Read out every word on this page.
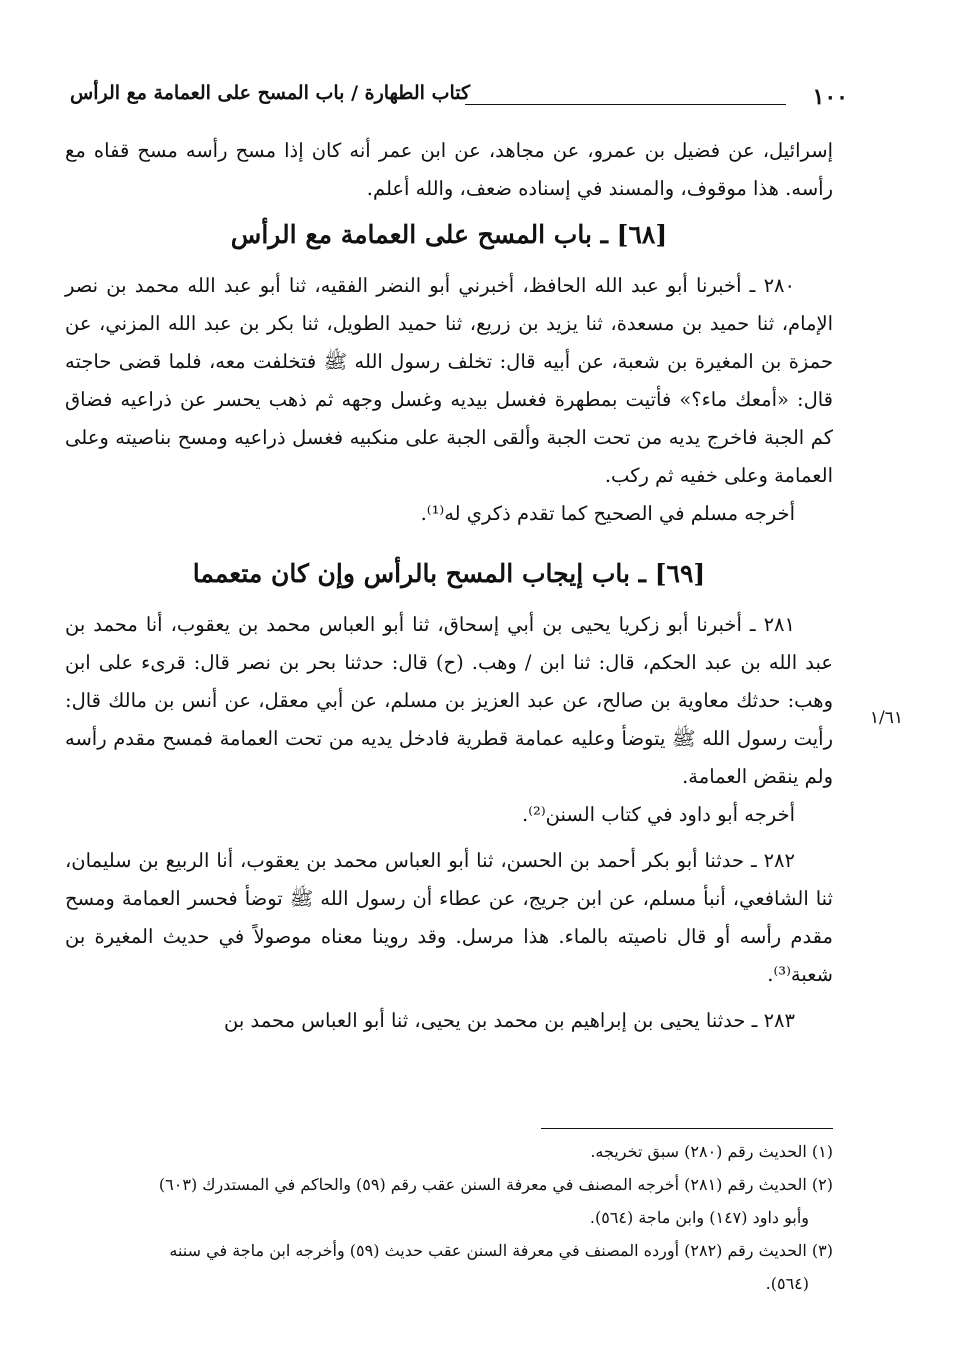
١٠٠
كتاب الطهارة / باب المسح على العمامة مع الرأس

إسرائيل، عن فضيل بن عمرو، عن مجاهد، عن ابن عمر أنه كان إذا مسح رأسه مسح قفاه مع رأسه. هذا موقوف، والمسند في إسناده ضعف، والله أعلم.

[٦٨] ـ باب المسح على العمامة مع الرأس

٢٨٠ ـ أخبرنا أبو عبد الله الحافظ، أخبرني أبو النضر الفقيه، ثنا أبو عبد الله محمد بن نصر الإمام، ثنا حميد بن مسعدة، ثنا يزيد بن زريع، ثنا حميد الطويل، ثنا بكر بن عبد الله المزني، عن حمزة بن المغيرة بن شعبة، عن أبيه قال: تخلف رسول الله ﷺ فتخلفت معه، فلما قضى حاجته قال: «أمعك ماء؟» فأتيت بمطهرة فغسل بيديه وغسل وجهه ثم ذهب يحسر عن ذراعيه فضاق كم الجبة فاخرج يديه من تحت الجبة وألقى الجبة على منكبيه فغسل ذراعيه ومسح بناصيته وعلى العمامة وعلى خفيه ثم ركب.

أخرجه مسلم في الصحيح كما تقدم ذكري له⁽¹⁾.

[٦٩] ـ باب إيجاب المسح بالرأس وإن كان متعمما

٢٨١ ـ أخبرنا أبو زكريا يحيى بن أبي إسحاق، ثنا أبو العباس محمد بن يعقوب، أنا محمد بن عبد الله بن عبد الحكم، قال: ثنا ابن / وهب. (ح) قال: حدثنا بحر بن نصر قال: قرىء على ابن وهب: حدثك معاوية بن صالح، عن عبد العزيز بن مسلم، عن أبي معقل، عن أنس بن مالك قال: رأيت رسول الله ﷺ يتوضأ وعليه عمامة قطرية فادخل يديه من تحت العمامة فمسح مقدم رأسه ولم ينقض العمامة.

أخرجه أبو داود في كتاب السنن⁽²⁾.

٢٨٢ ـ حدثنا أبو بكر أحمد بن الحسن، ثنا أبو العباس محمد بن يعقوب، أنا الربيع بن سليمان، ثنا الشافعي، أنبأ مسلم، عن ابن جريج، عن عطاء أن رسول الله ﷺ توضأ فحسر العمامة ومسح مقدم رأسه أو قال ناصيته بالماء. هذا مرسل. وقد روينا معناه موصولاً في حديث المغيرة بن شعبة⁽³⁾.

٢٨٣ ـ حدثنا يحيى بن إبراهيم بن محمد بن يحيى، ثنا أبو العباس محمد بن

١/٦١

(١) الحديث رقم (٢٨٠) سبق تخريجه.

(٢) الحديث رقم (٢٨١) أخرجه المصنف في معرفة السنن عقب رقم (٥٩) والحاكم في المستدرك (٦٠٣)

وأبو داود (١٤٧) وابن ماجة (٥٦٤).

(٣) الحديث رقم (٢٨٢) أورده المصنف في معرفة السنن عقب حديث (٥٩) وأخرجه ابن ماجة في سننه

(٥٦٤).
